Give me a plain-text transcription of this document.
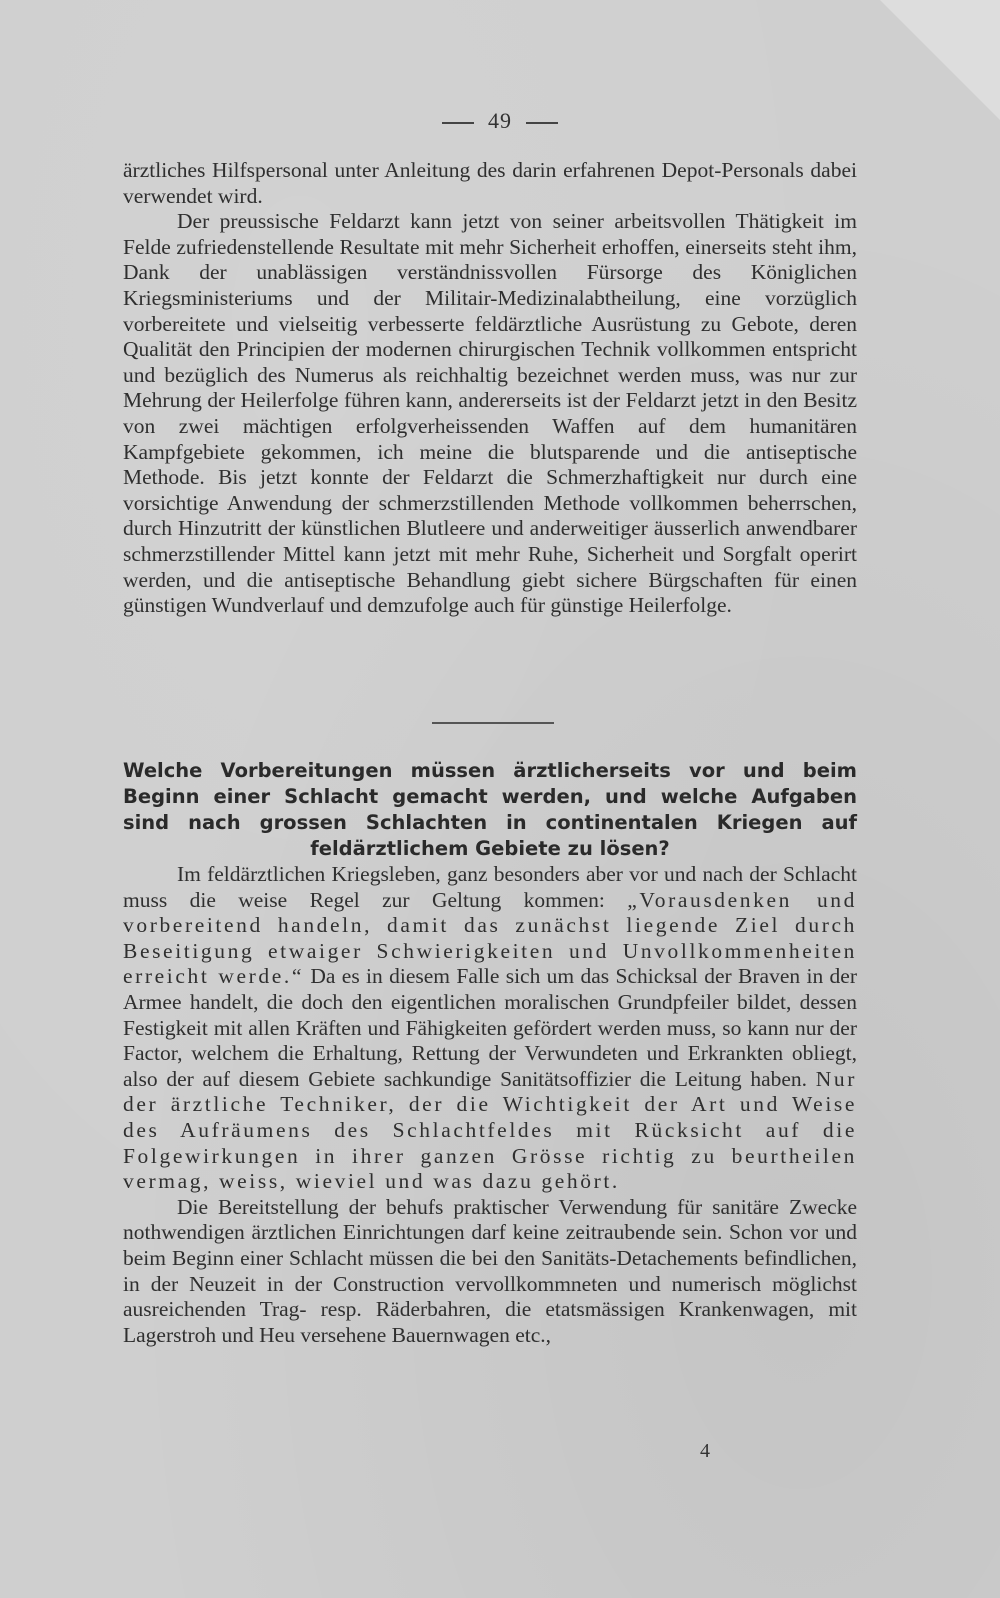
49

ärztliches Hilfspersonal unter Anleitung des darin erfahrenen Depot-Personals dabei verwendet wird.

Der preussische Feldarzt kann jetzt von seiner arbeitsvollen Thätigkeit im Felde zufriedenstellende Resultate mit mehr Sicherheit erhoffen, einerseits steht ihm, Dank der unablässigen verständnissvollen Fürsorge des Königlichen Kriegsministeriums und der Militair-Medizinalabtheilung, eine vorzüglich vorbereitete und vielseitig verbesserte feldärztliche Ausrüstung zu Gebote, deren Qualität den Principien der modernen chirurgischen Technik vollkommen entspricht und bezüglich des Numerus als reichhaltig bezeichnet werden muss, was nur zur Mehrung der Heilerfolge führen kann, andererseits ist der Feldarzt jetzt in den Besitz von zwei mächtigen erfolgverheissenden Waffen auf dem humanitären Kampfgebiete gekommen, ich meine die blutsparende und die antiseptische Methode. Bis jetzt konnte der Feldarzt die Schmerzhaftigkeit nur durch eine vorsichtige Anwendung der schmerzstillenden Methode vollkommen beherrschen, durch Hinzutritt der künstlichen Blutleere und anderweitiger äusserlich anwendbarer schmerzstillender Mittel kann jetzt mit mehr Ruhe, Sicherheit und Sorgfalt operirt werden, und die antiseptische Behandlung giebt sichere Bürgschaften für einen günstigen Wundverlauf und demzufolge auch für günstige Heilerfolge.

Welche Vorbereitungen müssen ärztlicherseits vor und beim Beginn einer Schlacht gemacht werden, und welche Aufgaben sind nach grossen Schlachten in continentalen Kriegen auf feldärztlichem Gebiete zu lösen?

Im feldärztlichen Kriegsleben, ganz besonders aber vor und nach der Schlacht muss die weise Regel zur Geltung kommen: „Vorausdenken und vorbereitend handeln, damit das zunächst liegende Ziel durch Beseitigung etwaiger Schwierigkeiten und Unvollkommenheiten erreicht werde.“ Da es in diesem Falle sich um das Schicksal der Braven in der Armee handelt, die doch den eigentlichen moralischen Grundpfeiler bildet, dessen Festigkeit mit allen Kräften und Fähigkeiten gefördert werden muss, so kann nur der Factor, welchem die Erhaltung, Rettung der Verwundeten und Erkrankten obliegt, also der auf diesem Gebiete sachkundige Sanitätsoffizier die Leitung haben. Nur der ärztliche Techniker, der die Wichtigkeit der Art und Weise des Aufräumens des Schlachtfeldes mit Rücksicht auf die Folgewirkungen in ihrer ganzen Grösse richtig zu beurtheilen vermag, weiss, wieviel und was dazu gehört.

Die Bereitstellung der behufs praktischer Verwendung für sanitäre Zwecke nothwendigen ärztlichen Einrichtungen darf keine zeitraubende sein. Schon vor und beim Beginn einer Schlacht müssen die bei den Sanitäts-Detachements befindlichen, in der Neuzeit in der Construction vervollkommneten und numerisch möglichst ausreichenden Trag- resp. Räderbahren, die etatsmässigen Krankenwagen, mit Lagerstroh und Heu versehene Bauernwagen etc.,

4
